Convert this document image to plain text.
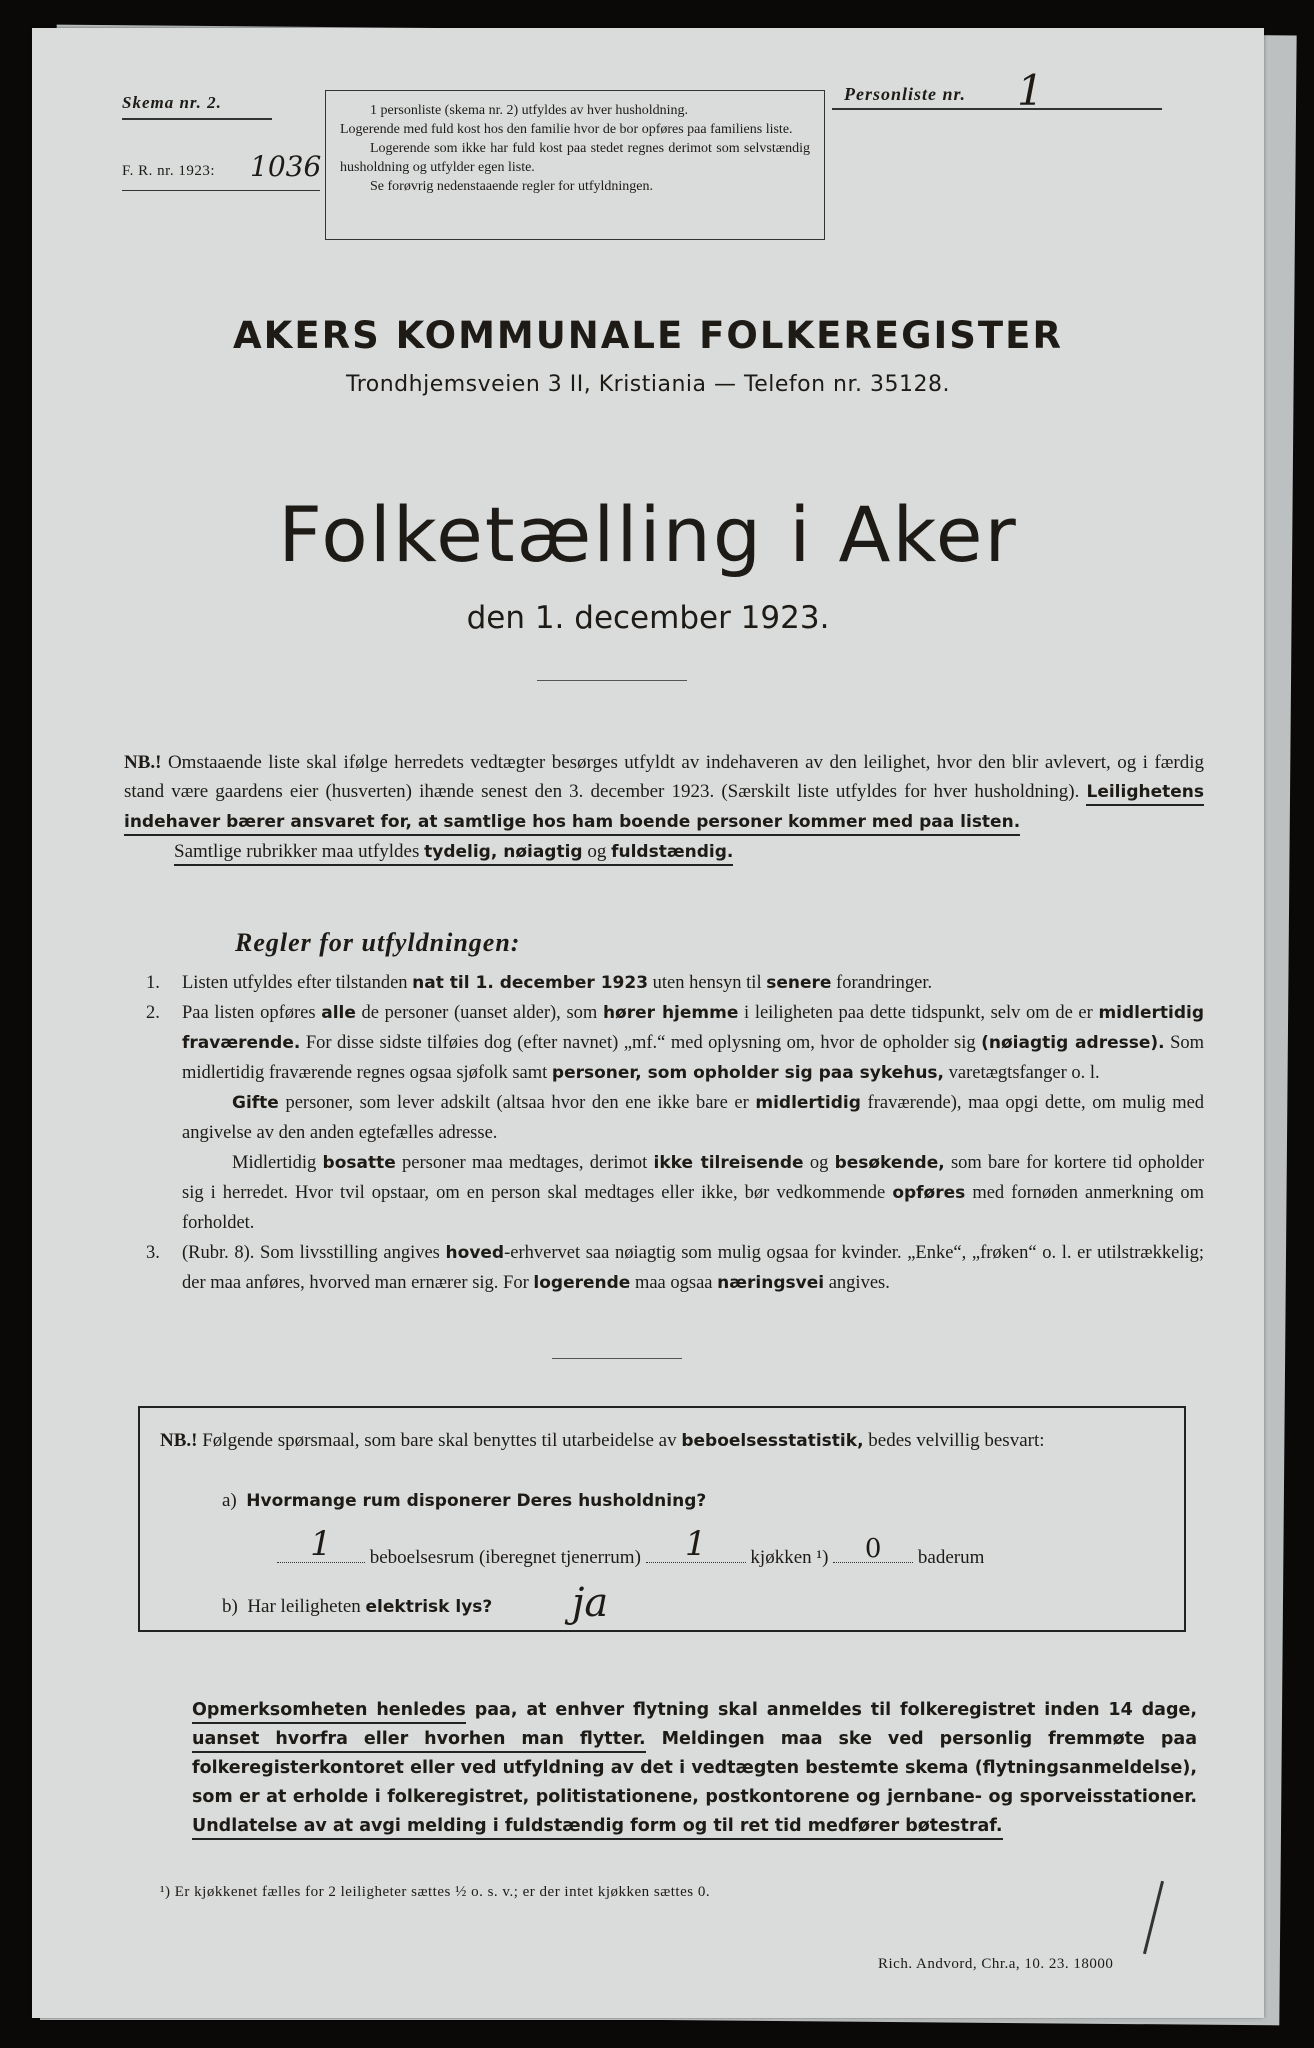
Skema nr. 2.
F. R. nr. 1923: 1036

1 personliste (skema nr. 2) utfyldes av hver husholdning.

Logerende med fuld kost hos den familie hvor de bor opføres paa familiens liste.

Logerende som ikke har fuld kost paa stedet regnes derimot som selvstændig husholdning og utfylder egen liste.

Se forøvrig nedenstaaende regler for utfyldningen.

Personliste nr. 1
AKERS KOMMUNALE FOLKEREGISTER
Trondhjemsveien 3 II, Kristiania — Telefon nr. 35128.
Folketælling i Aker
den 1. december 1923.
NB.! Omstaaende liste skal ifølge herredets vedtægter besørges utfyldt av indehaveren av den leilighet, hvor den blir avlevert, og i færdig stand være gaardens eier (husverten) ihænde senest den 3. december 1923. (Særskilt liste utfyldes for hver husholdning). Leilighetens indehaver bærer ansvaret for, at samtlige hos ham boende personer kommer med paa listen.
Samtlige rubrikker maa utfyldes tydelig, nøiagtig og fuldstændig.
Regler for utfyldningen:
1. Listen utfyldes efter tilstanden nat til 1. december 1923 uten hensyn til senere forandringer.
2. Paa listen opføres alle de personer (uanset alder), som hører hjemme i leiligheten paa dette tidspunkt, selv om de er midlertidig fraværende. For disse sidste tilføies dog (efter navnet) „mf.“ med oplysning om, hvor de opholder sig (nøiagtig adresse). Som midlertidig fraværende regnes ogsaa sjøfolk samt personer, som opholder sig paa sykehus, varetægtsfanger o. l.
Gifte personer, som lever adskilt (altsaa hvor den ene ikke bare er midlertidig fraværende), maa opgi dette, om mulig med angivelse av den anden egtefælles adresse.
Midlertidig bosatte personer maa medtages, derimot ikke tilreisende og besøkende, som bare for kortere tid opholder sig i herredet. Hvor tvil opstaar, om en person skal medtages eller ikke, bør vedkommende opføres med fornøden anmerkning om forholdet.
3. (Rubr. 8). Som livsstilling angives hoved-erhvervet saa nøiagtig som mulig ogsaa for kvinder. „Enke“, „frøken“ o. l. er utilstrækkelig; der maa anføres, hvorved man ernærer sig. For logerende maa ogsaa næringsvei angives.
NB.! Følgende spørsmaal, som bare skal benyttes til utarbeidelse av beboelsesstatistik, bedes velvillig besvart:
a) Hvormange rum disponerer Deres husholdning?
1	beboelsesrum (iberegnet tjenerrum)	1	kjøkken ¹)	0	baderum
b) Har leiligheten elektrisk lys? ja
Opmerksomheten henledes paa, at enhver flytning skal anmeldes til folkeregistret inden 14 dage, uanset hvorfra eller hvorhen man flytter. Meldingen maa ske ved personlig fremmøte paa folkeregisterkontoret eller ved utfyldning av det i vedtægten bestemte skema (flytningsanmeldelse), som er at erholde i folkeregistret, politistationene, postkontorene og jernbane- og sporveisstationer. Undlatelse av at avgi melding i fuldstændig form og til ret tid medfører bøtestraf.
¹) Er kjøkkenet fælles for 2 leiligheter sættes ½ o. s. v.; er der intet kjøkken sættes 0.
Rich. Andvord, Chr.a, 10. 23. 18000
